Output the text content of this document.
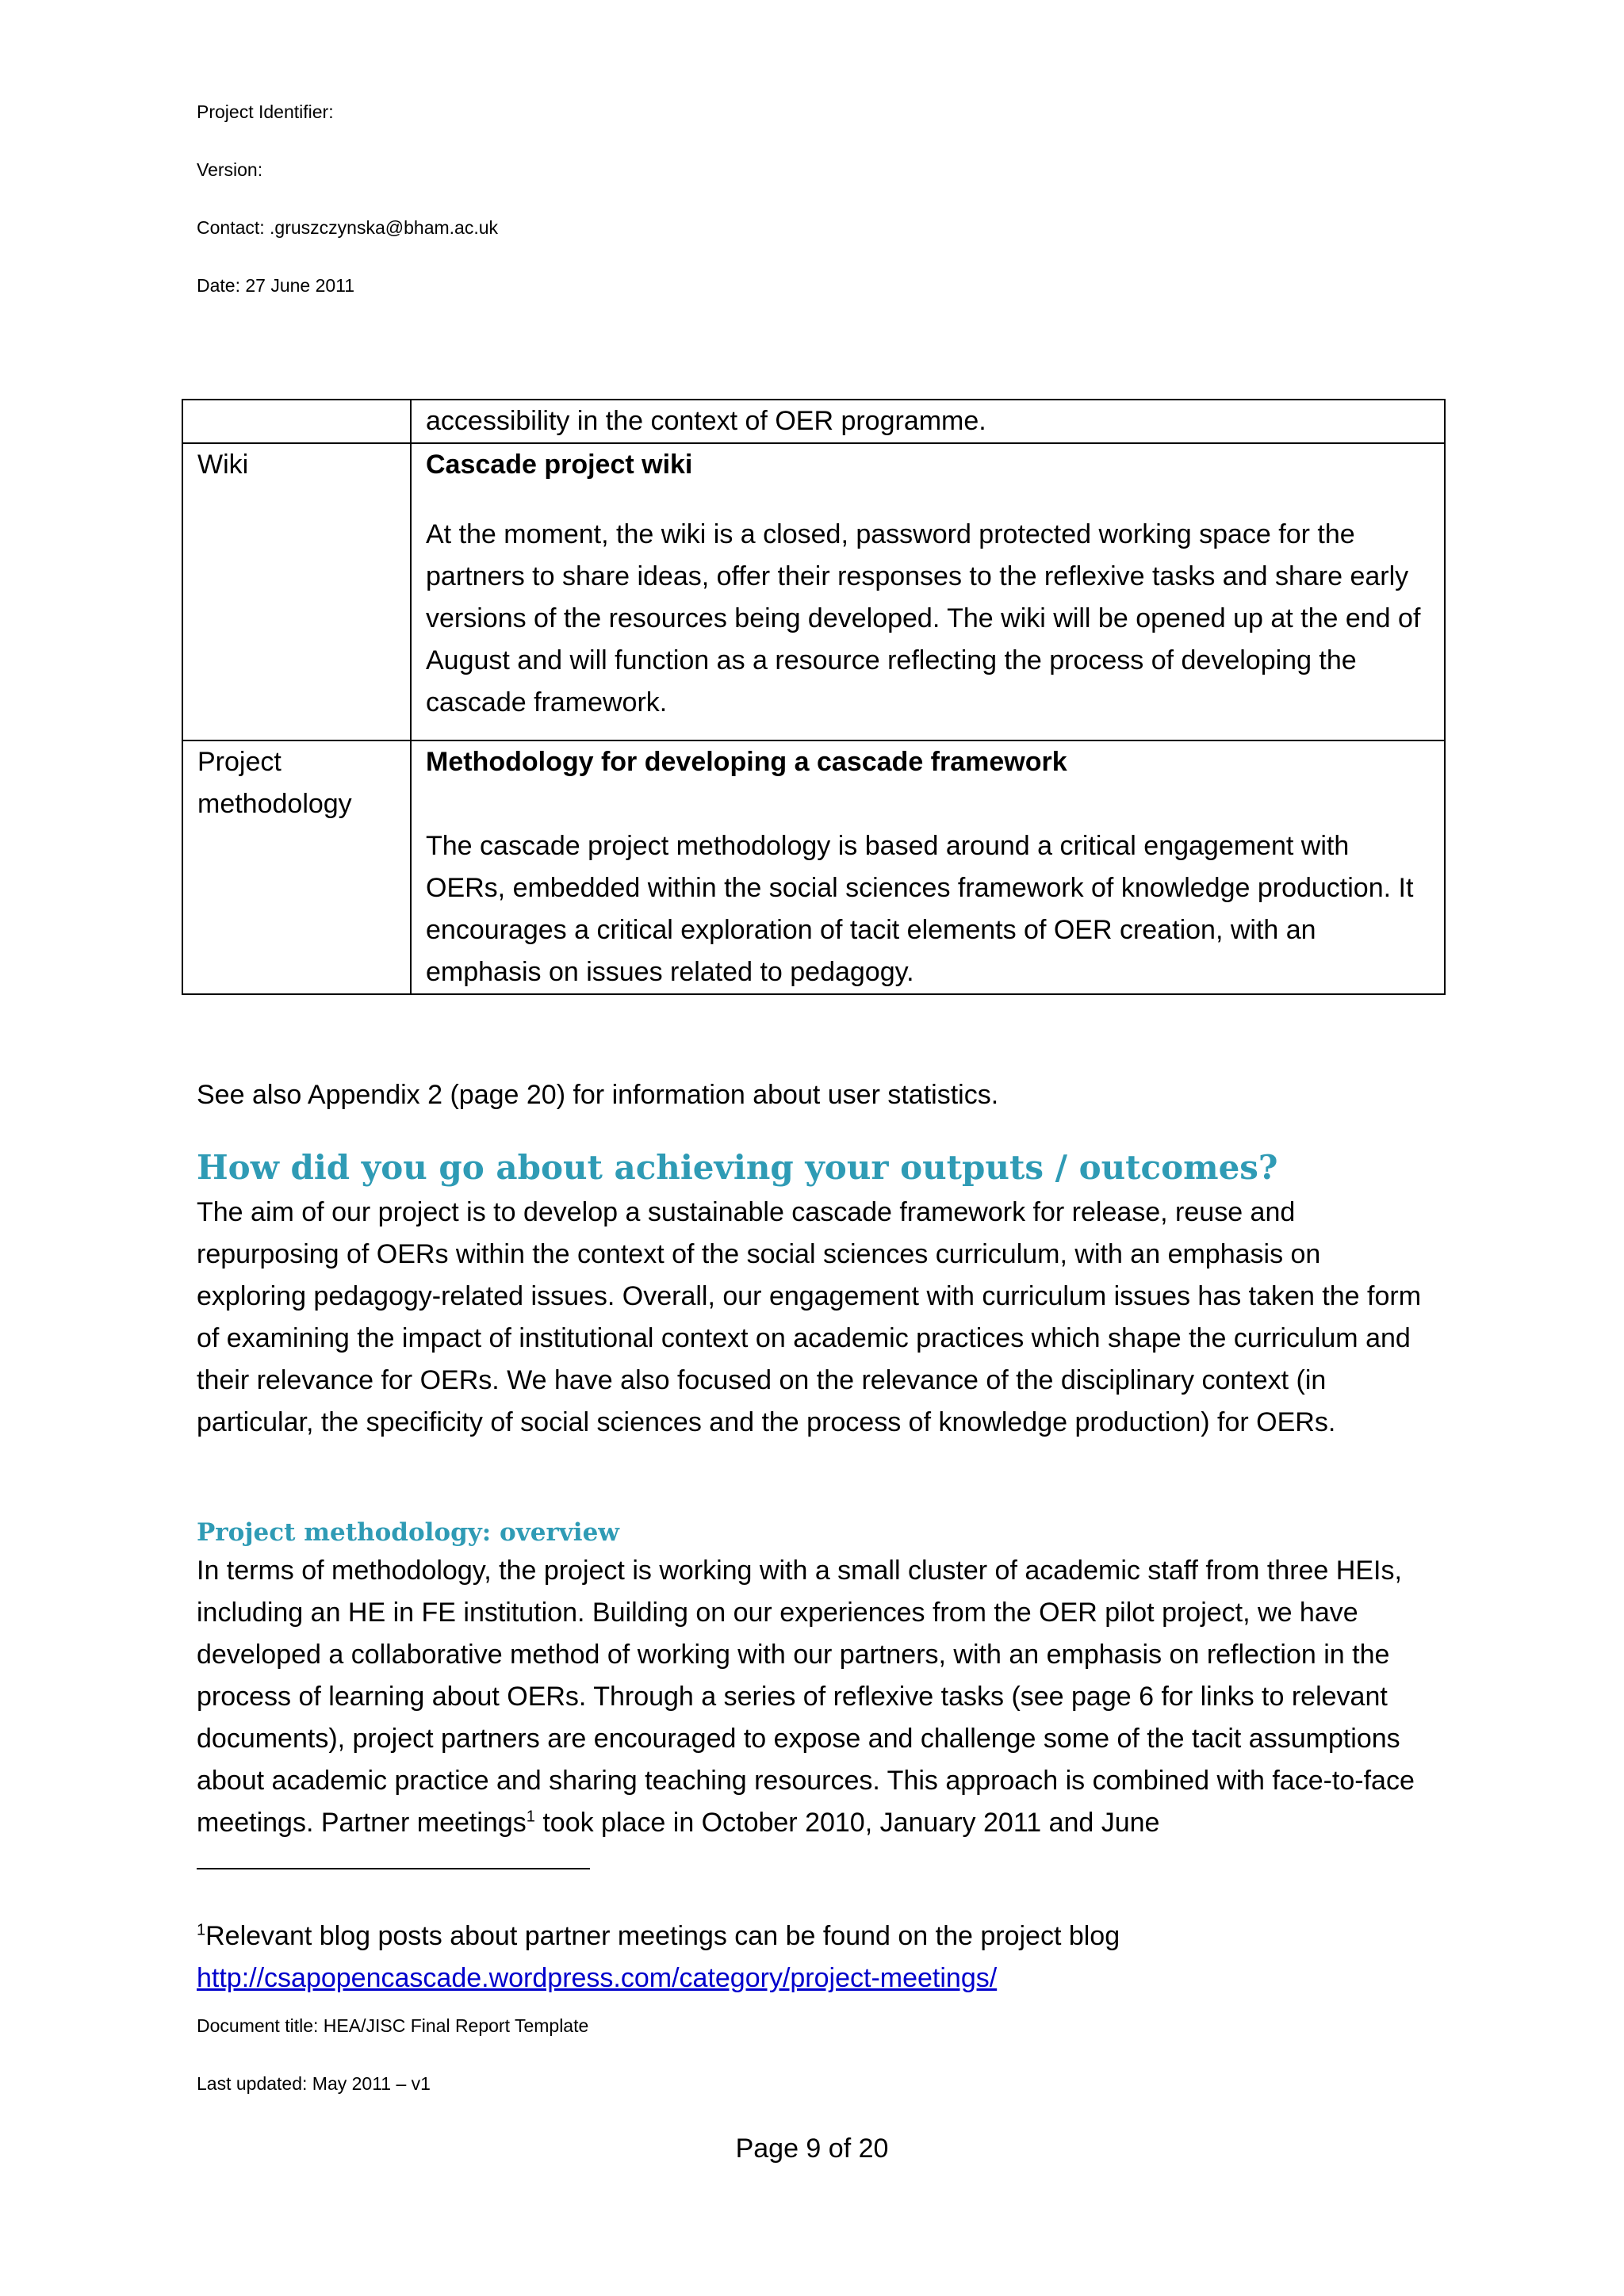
Project Identifier:
Version:
Contact: .gruszczynska@bham.ac.uk
Date: 27 June 2011
	accessibility in the context of OER programme.
Wiki	Cascade project wiki
At the moment, the wiki is a closed, password protected working space for the partners to share ideas, offer their responses to the reflexive tasks and share early versions of the resources being developed. The wiki will be opened up at the end of August and will function as a resource reflecting the process of developing the cascade framework.

Project methodology	Methodology for developing a cascade framework
The cascade project methodology is based around a critical engagement with OERs, embedded within the social sciences framework of knowledge production. It encourages a critical exploration of tacit elements of OER creation, with an emphasis on issues related to pedagogy.
See also Appendix 2 (page 20) for information about user statistics.
How did you go about achieving your outputs / outcomes?
The aim of our project is to develop a sustainable cascade framework for release, reuse and repurposing of OERs within the context of the social sciences curriculum, with an emphasis on exploring pedagogy-related issues. Overall, our engagement with curriculum issues has taken the form of examining the impact of institutional context on academic practices which shape the curriculum and their relevance for OERs. We have also focused on the relevance of the disciplinary context (in particular, the specificity of social sciences and the process of knowledge production) for OERs.
Project methodology: overview
In terms of methodology, the project is working with a small cluster of academic staff from three HEIs, including an HE in FE institution. Building on our experiences from the OER pilot project, we have developed a collaborative method of working with our partners, with an emphasis on reflection in the process of learning about OERs. Through a series of reflexive tasks (see page 6 for links to relevant documents), project partners are encouraged to expose and challenge some of the tacit assumptions about academic practice and sharing teaching resources. This approach is combined with face-to-face meetings. Partner meetings$^1$ took place in October 2010, January 2011 and June
$^1$Relevant blog posts about partner meetings can be found on the project blog
http://csapopencascade.wordpress.com/category/project-meetings/
Document title: HEA/JISC Final Report Template
Last updated: May 2011 – v1
Page 9 of 20
